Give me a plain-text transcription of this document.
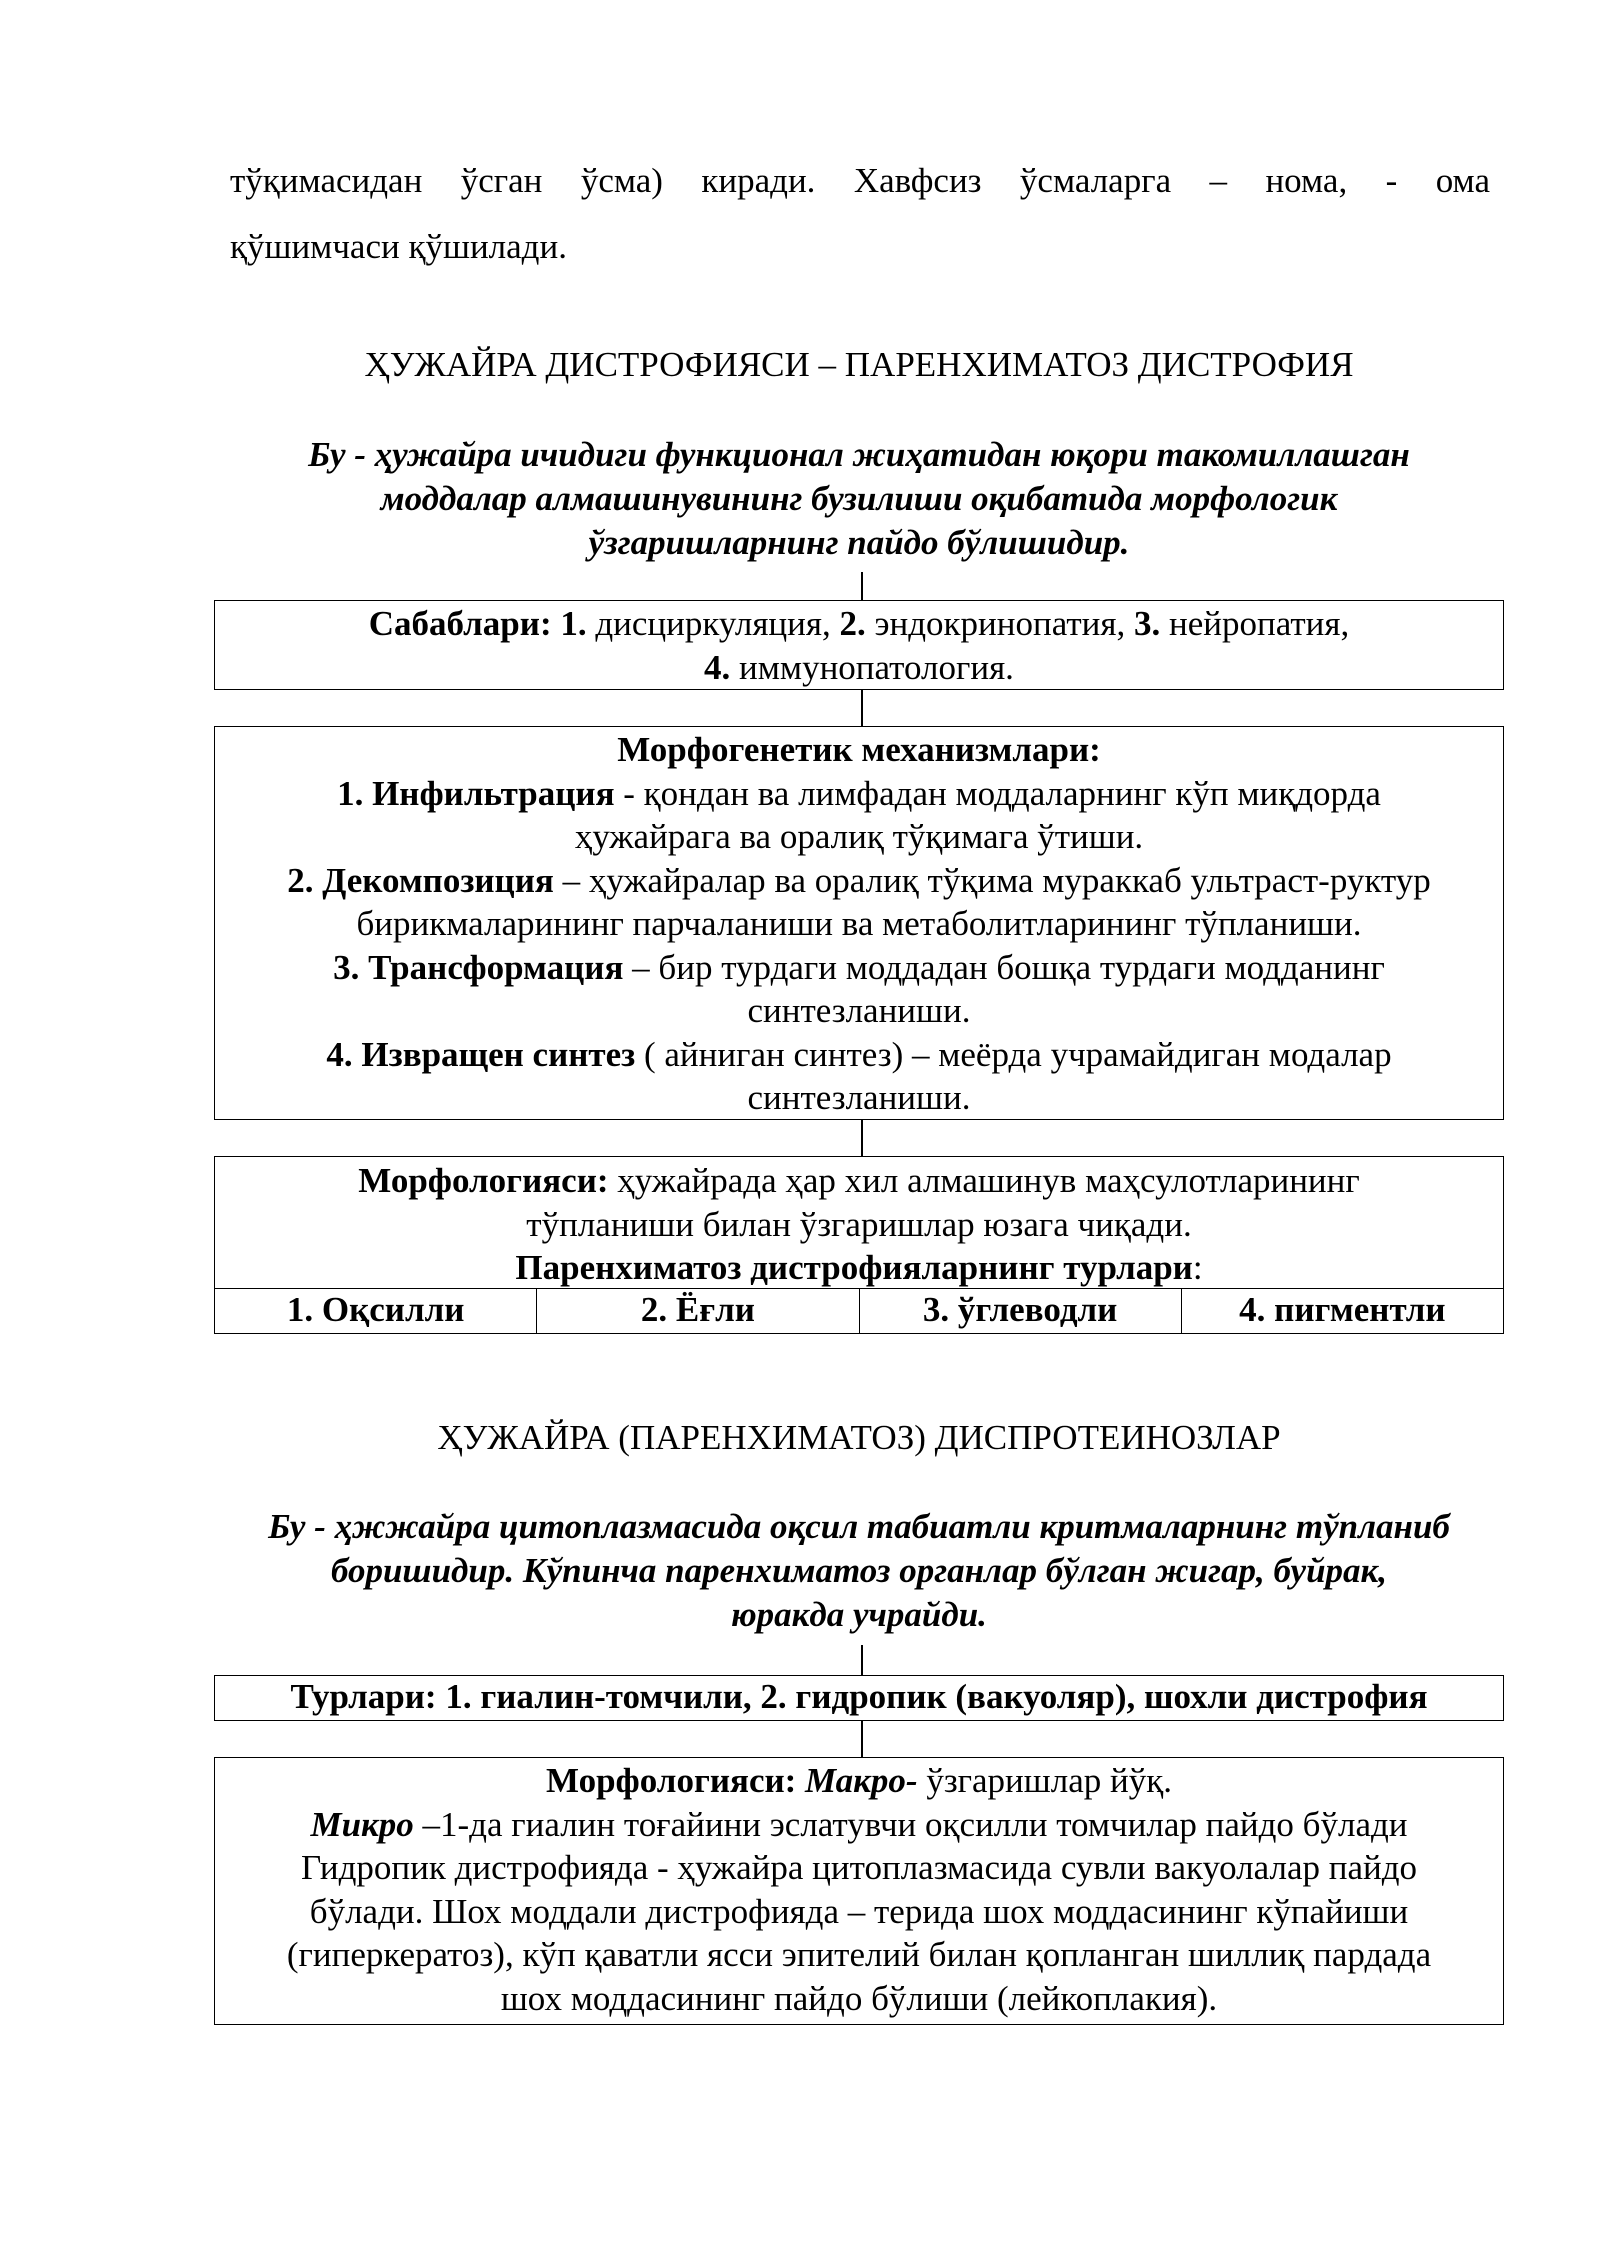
тўқимасидан ўсган ўсма) киради. Хавфсиз ўсмаларга – нома, - ома
қўшимчаси қўшилади.

ҲУЖАЙРА ДИСТРОФИЯСИ – ПАРЕНХИМАТОЗ ДИСТРОФИЯ

Бу - ҳужайра ичидиги функционал жиҳатидан юқори такомиллашган
моддалар алмашинувининг бузилиши оқибатида морфологик
ўзгаришларнинг пайдо бўлишидир.

Сабаблари: 1. дисциркуляция, 2. эндокринопатия, 3. нейропатия,

4. иммунопатология.

Морфогенетик механизмлари:

1. Инфильтрация - қондан ва лимфадан моддаларнинг кўп миқдорда

ҳужайрага ва оралиқ тўқимага ўтиши.

2. Декомпозиция – ҳужайралар ва оралиқ тўқима мураккаб ультраст-руктур

бирикмаларининг парчаланиши ва метаболитларининг тўпланиши.

3. Трансформация – бир турдаги моддадан бошқа турдаги модданинг

синтезланиши.

4. Извращен синтез ( айниган синтез) – меёрда учрамайдиган модалар

синтезланиши.

Морфологияси: ҳужайрада ҳар хил алмашинув маҳсулотларининг

тўпланиши билан ўзгаришлар юзага чиқади.

Паренхиматоз дистрофияларнинг турлари:

1. Оқсилли	2. Ёғли	3. ўглеводли	4. пигментли
ҲУЖАЙРА (ПАРЕНХИМАТОЗ) ДИСПРОТЕИНОЗЛАР

Бу - ҳжжайра цитоплазмасида оқсил табиатли критмаларнинг тўпланиб
боришидир. Кўпинча паренхиматоз органлар бўлган жигар, буйрак,
юракда учрайди.

Турлари: 1. гиалин-томчили, 2. гидропик (вакуоляр), шохли дистрофия

Морфологияси: Макро- ўзгаришлар йўқ.

Микро –1-да гиалин тоғайини эслатувчи оқсилли томчилар пайдо бўлади

Гидропик дистрофияда - ҳужайра цитоплазмасида сувли вакуолалар пайдо

бўлади. Шох моддали дистрофияда – терида шох моддасининг кўпайиши

(гиперкератоз), кўп қаватли ясси эпителий билан қопланган шиллиқ пардада

шох моддасининг пайдо бўлиши (лейкоплакия).
